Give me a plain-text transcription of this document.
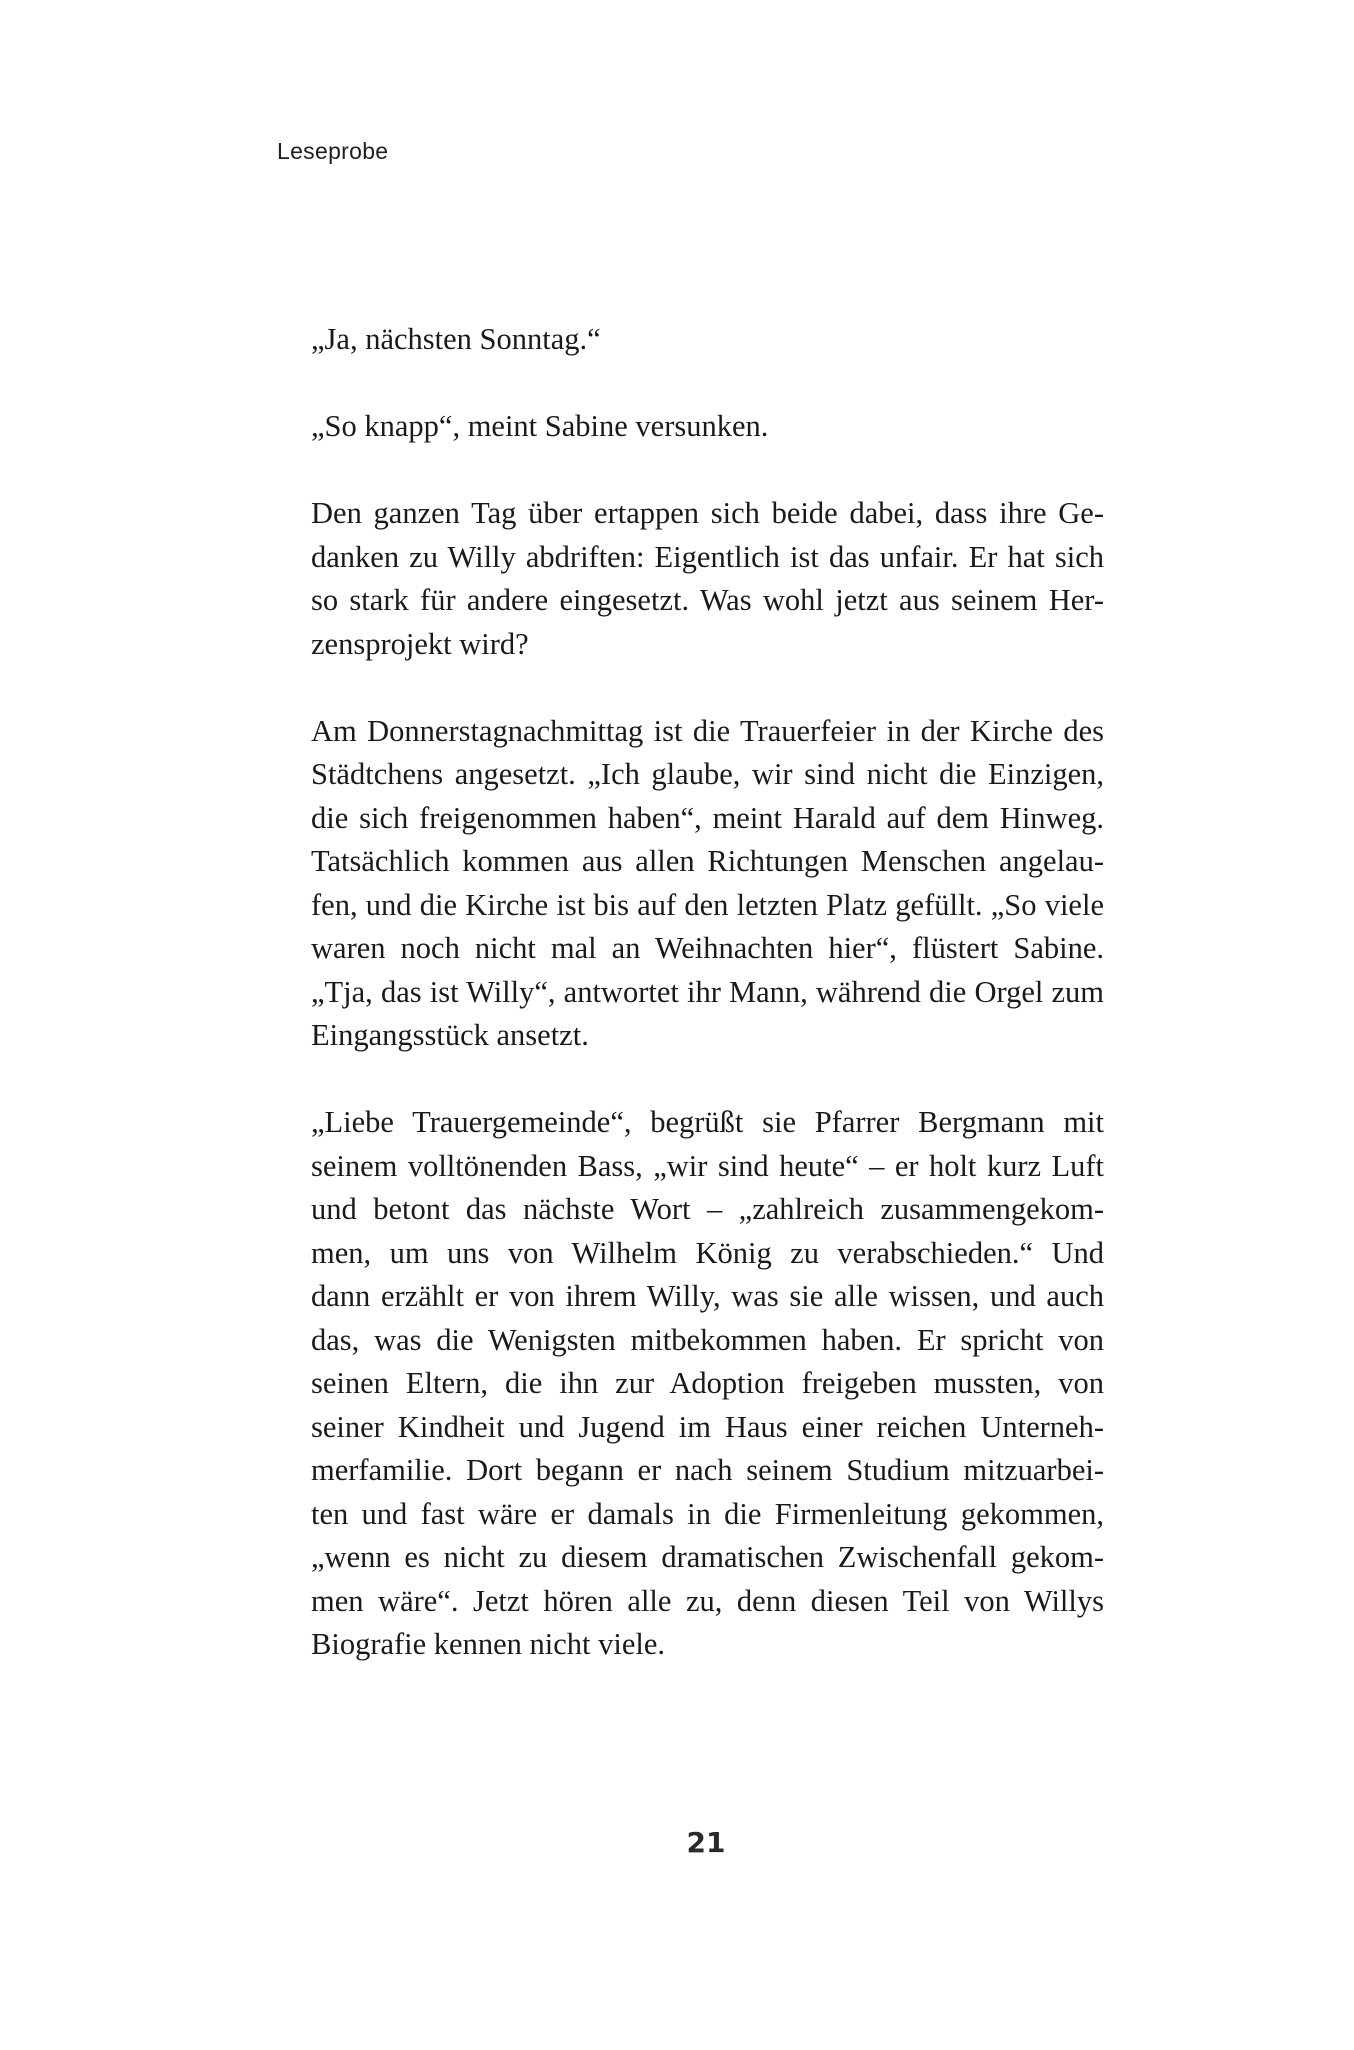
Leseprobe

„Ja, nächsten Sonntag.“

„So knapp“, meint Sabine versunken.

Den ganzen Tag über ertappen sich beide dabei, dass ihre Ge-
danken zu Willy abdriften: Eigentlich ist das unfair. Er hat sich
so stark für andere eingesetzt. Was wohl jetzt aus seinem Her-
zensprojekt wird?

Am Donnerstagnachmittag ist die Trauerfeier in der Kirche des
Städtchens angesetzt. „Ich glaube, wir sind nicht die Einzigen,
die sich freigenommen haben“, meint Harald auf dem Hinweg.
Tatsächlich kommen aus allen Richtungen Menschen angelau-
fen, und die Kirche ist bis auf den letzten Platz gefüllt. „So viele
waren noch nicht mal an Weihnachten hier“, flüstert Sabine.
„Tja, das ist Willy“, antwortet ihr Mann, während die Orgel zum
Eingangsstück ansetzt.

„Liebe Trauergemeinde“, begrüßt sie Pfarrer Bergmann mit
seinem volltönenden Bass, „wir sind heute“ – er holt kurz Luft
und betont das nächste Wort – „zahlreich zusammengekom-
men, um uns von Wilhelm König zu verabschieden.“ Und
dann erzählt er von ihrem Willy, was sie alle wissen, und auch
das, was die Wenigsten mitbekommen haben. Er spricht von
seinen Eltern, die ihn zur Adoption freigeben mussten, von
seiner Kindheit und Jugend im Haus einer reichen Unterneh-
merfamilie. Dort begann er nach seinem Studium mitzuarbei-
ten und fast wäre er damals in die Firmenleitung gekommen,
„wenn es nicht zu diesem dramatischen Zwischenfall gekom-
men wäre“. Jetzt hören alle zu, denn diesen Teil von Willys
Biografie kennen nicht viele.

21
